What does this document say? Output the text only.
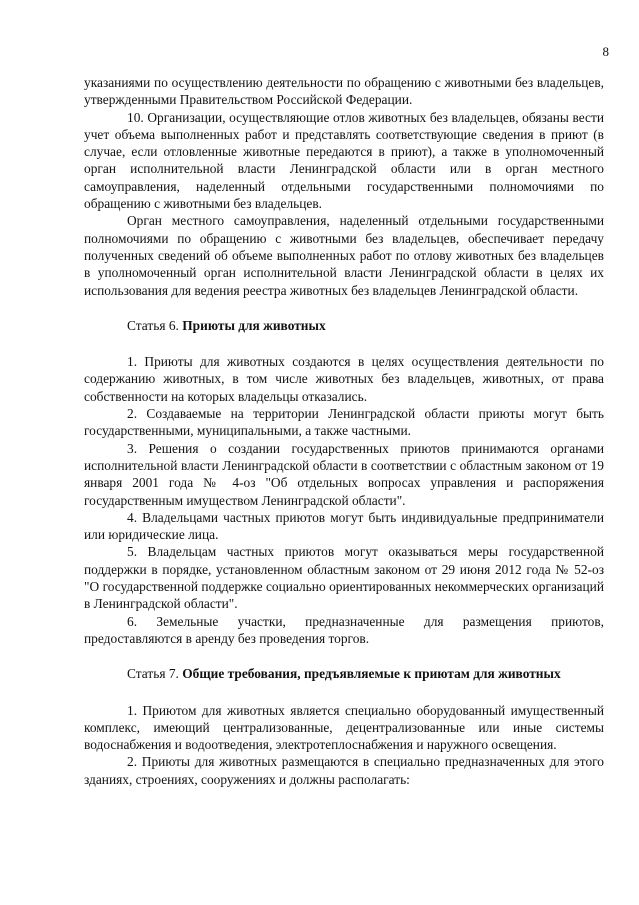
8

указаниями по осуществлению деятельности по обращению с животными без владельцев, утвержденными Правительством Российской Федерации.

10. Организации, осуществляющие отлов животных без владельцев, обязаны вести учет объема выполненных работ и представлять соответствующие сведения в приют (в случае, если отловленные животные передаются в приют), а также в уполномоченный орган исполнительной власти Ленинградской области или в орган местного самоуправления, наделенный отдельными государственными полномочиями по обращению с животными без владельцев.

Орган местного самоуправления, наделенный отдельными государственными полномочиями по обращению с животными без владельцев, обеспечивает передачу полученных сведений об объеме выполненных работ по отлову животных без владельцев в уполномоченный орган исполнительной власти Ленинградской области в целях их использования для ведения реестра животных без владельцев Ленинградской области.

Статья 6. Приюты для животных

1. Приюты для животных создаются в целях осуществления деятельности по содержанию животных, в том числе животных без владельцев, животных, от права собственности на которых владельцы отказались.

2. Создаваемые на территории Ленинградской области приюты могут быть государственными, муниципальными, а также частными.

3. Решения о создании государственных приютов принимаются органами исполнительной власти Ленинградской области в соответствии с областным законом от 19 января 2001 года № 4-оз "Об отдельных вопросах управления и распоряжения государственным имуществом Ленинградской области".

4. Владельцами частных приютов могут быть индивидуальные предприниматели или юридические лица.

5. Владельцам частных приютов могут оказываться меры государственной поддержки в порядке, установленном областным законом от 29 июня 2012 года № 52-оз "О государственной поддержке социально ориентированных некоммерческих организаций в Ленинградской области".

6. Земельные участки, предназначенные для размещения приютов, предоставляются в аренду без проведения торгов.

Статья 7. Общие требования, предъявляемые к приютам для животных

1. Приютом для животных является специально оборудованный имущественный комплекс, имеющий централизованные, децентрализованные или иные системы водоснабжения и водоотведения, электротеплоснабжения и наружного освещения.

2. Приюты для животных размещаются в специально предназначенных для этого зданиях, строениях, сооружениях и должны располагать:
